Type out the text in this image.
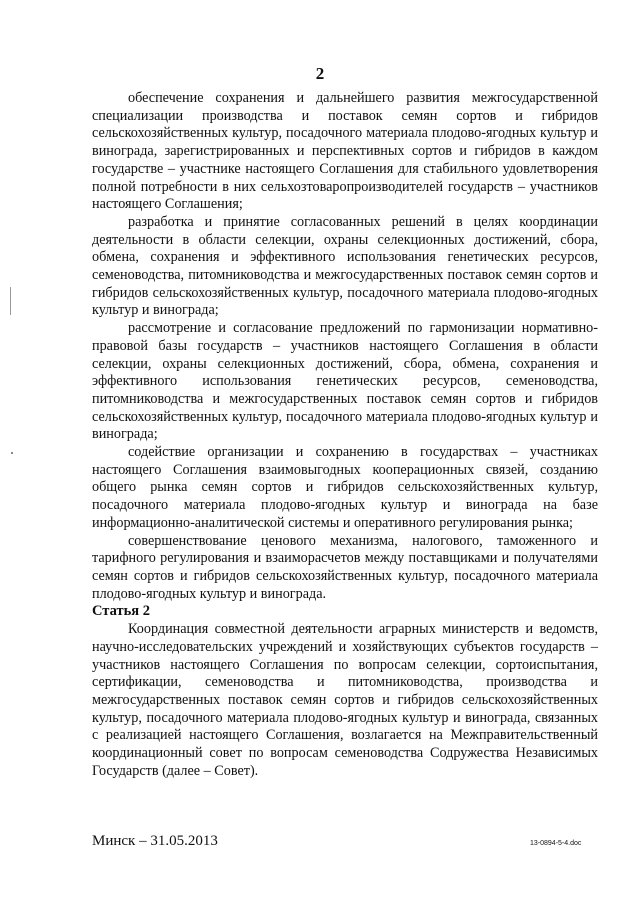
2

обеспечение сохранения и дальнейшего развития межгосударственной специализации производства и поставок семян сортов и гибридов сельскохозяйственных культур, посадочного материала плодово-ягодных культур и винограда, зарегистрированных и перспективных сортов и гибридов в каждом государстве – участнике настоящего Соглашения для стабильного удовлетворения полной потребности в них сельхозтоваропроизводителей государств – участников настоящего Соглашения;

разработка и принятие согласованных решений в целях координации деятельности в области селекции, охраны селекционных достижений, сбора, обмена, сохранения и эффективного использования генетических ресурсов, семеноводства, питомниководства и межгосударственных поставок семян сортов и гибридов сельскохозяйственных культур, посадочного материала плодово-ягодных культур и винограда;

рассмотрение и согласование предложений по гармонизации нормативно-правовой базы государств – участников настоящего Соглашения в области селекции, охраны селекционных достижений, сбора, обмена, сохранения и эффективного использования генетических ресурсов, семеноводства, питомниководства и межгосударственных поставок семян сортов и гибридов сельскохозяйственных культур, посадочного материала плодово-ягодных культур и винограда;

содействие организации и сохранению в государствах – участниках настоящего Соглашения взаимовыгодных кооперационных связей, созданию общего рынка семян сортов и гибридов сельскохозяйственных культур, посадочного материала плодово-ягодных культур и винограда на базе информационно-аналитической системы и оперативного регулирования рынка;

совершенствование ценового механизма, налогового, таможенного и тарифного регулирования и взаиморасчетов между поставщиками и получателями семян сортов и гибридов сельскохозяйственных культур, посадочного материала плодово-ягодных культур и винограда.

Статья 2

Координация совместной деятельности аграрных министерств и ведомств, научно-исследовательских учреждений и хозяйствующих субъектов государств – участников настоящего Соглашения по вопросам селекции, сортоиспытания, сертификации, семеноводства и питомниководства, производства и межгосударственных поставок семян сортов и гибридов сельскохозяйственных культур, посадочного материала плодово-ягодных культур и винограда, связанных с реализацией настоящего Соглашения, возлагается на Межправительственный координационный совет по вопросам семеноводства Содружества Независимых Государств (далее – Совет).

Минск – 31.05.2013	13-0894-5-4.doc
